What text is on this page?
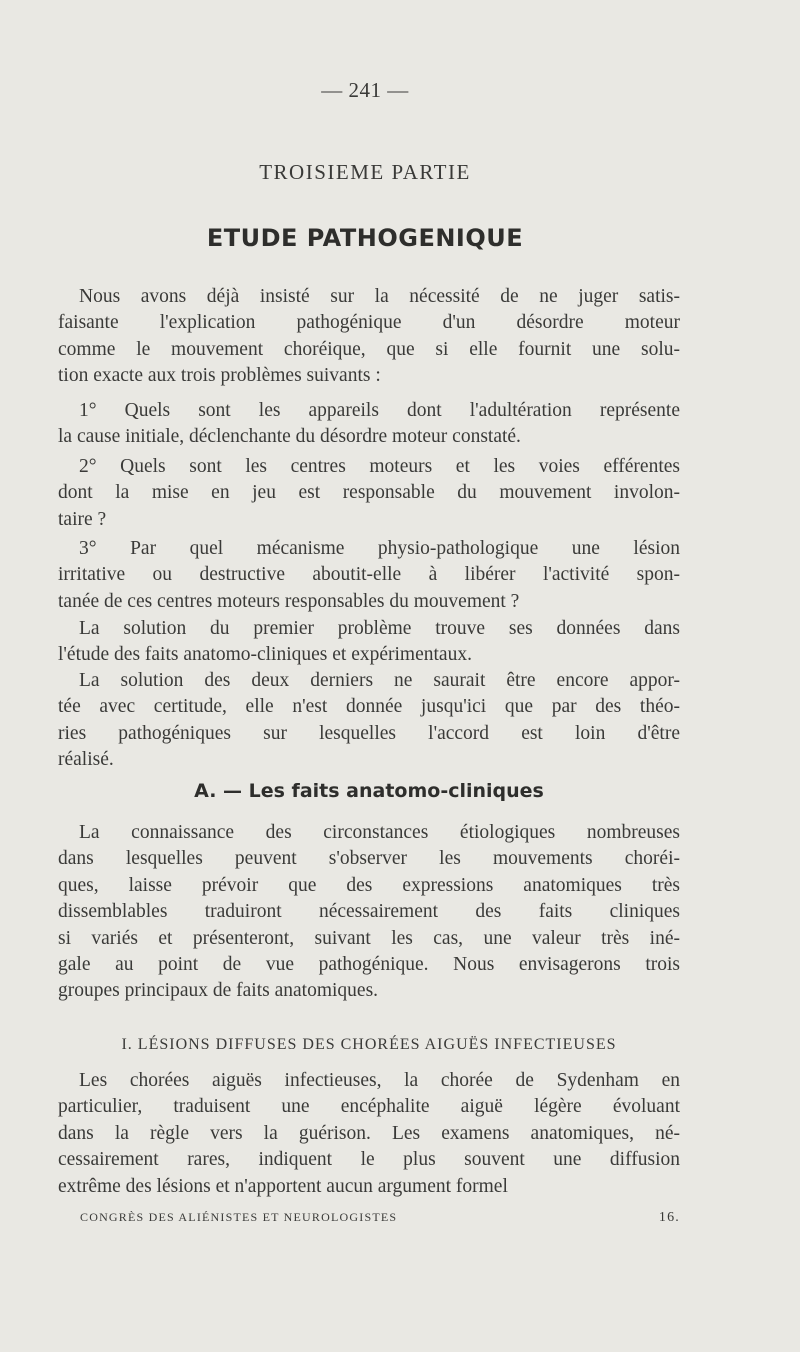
— 241 —
TROISIEME PARTIE
ETUDE PATHOGENIQUE
Nous avons déjà insisté sur la nécessité de ne juger satis-
faisante l'explication pathogénique d'un désordre moteur
comme le mouvement choréique, que si elle fournit une solu-
tion exacte aux trois problèmes suivants :
1° Quels sont les appareils dont l'adultération représente
la cause initiale, déclenchante du désordre moteur constaté.
2° Quels sont les centres moteurs et les voies efférentes
dont la mise en jeu est responsable du mouvement involon-
taire ?
3° Par quel mécanisme physio-pathologique une lésion
irritative ou destructive aboutit-elle à libérer l'activité spon-
tanée de ces centres moteurs responsables du mouvement ?
La solution du premier problème trouve ses données dans
l'étude des faits anatomo-cliniques et expérimentaux.
La solution des deux derniers ne saurait être encore appor-
tée avec certitude, elle n'est donnée jusqu'ici que par des théo-
ries pathogéniques sur lesquelles l'accord est loin d'être
réalisé.
A. — Les faits anatomo-cliniques
La connaissance des circonstances étiologiques nombreuses
dans lesquelles peuvent s'observer les mouvements choréi-
ques, laisse prévoir que des expressions anatomiques très
dissemblables traduiront nécessairement des faits cliniques
si variés et présenteront, suivant les cas, une valeur très iné-
gale au point de vue pathogénique. Nous envisagerons trois
groupes principaux de faits anatomiques.
I. LÉSIONS DIFFUSES DES CHORÉES AIGUËS INFECTIEUSES
Les chorées aiguës infectieuses, la chorée de Sydenham en
particulier, traduisent une encéphalite aiguë légère évoluant
dans la règle vers la guérison. Les examens anatomiques, né-
cessairement rares, indiquent le plus souvent une diffusion
extrême des lésions et n'apportent aucun argument formel
CONGRÈS DES ALIÉNISTES ET NEUROLOGISTES	16.
